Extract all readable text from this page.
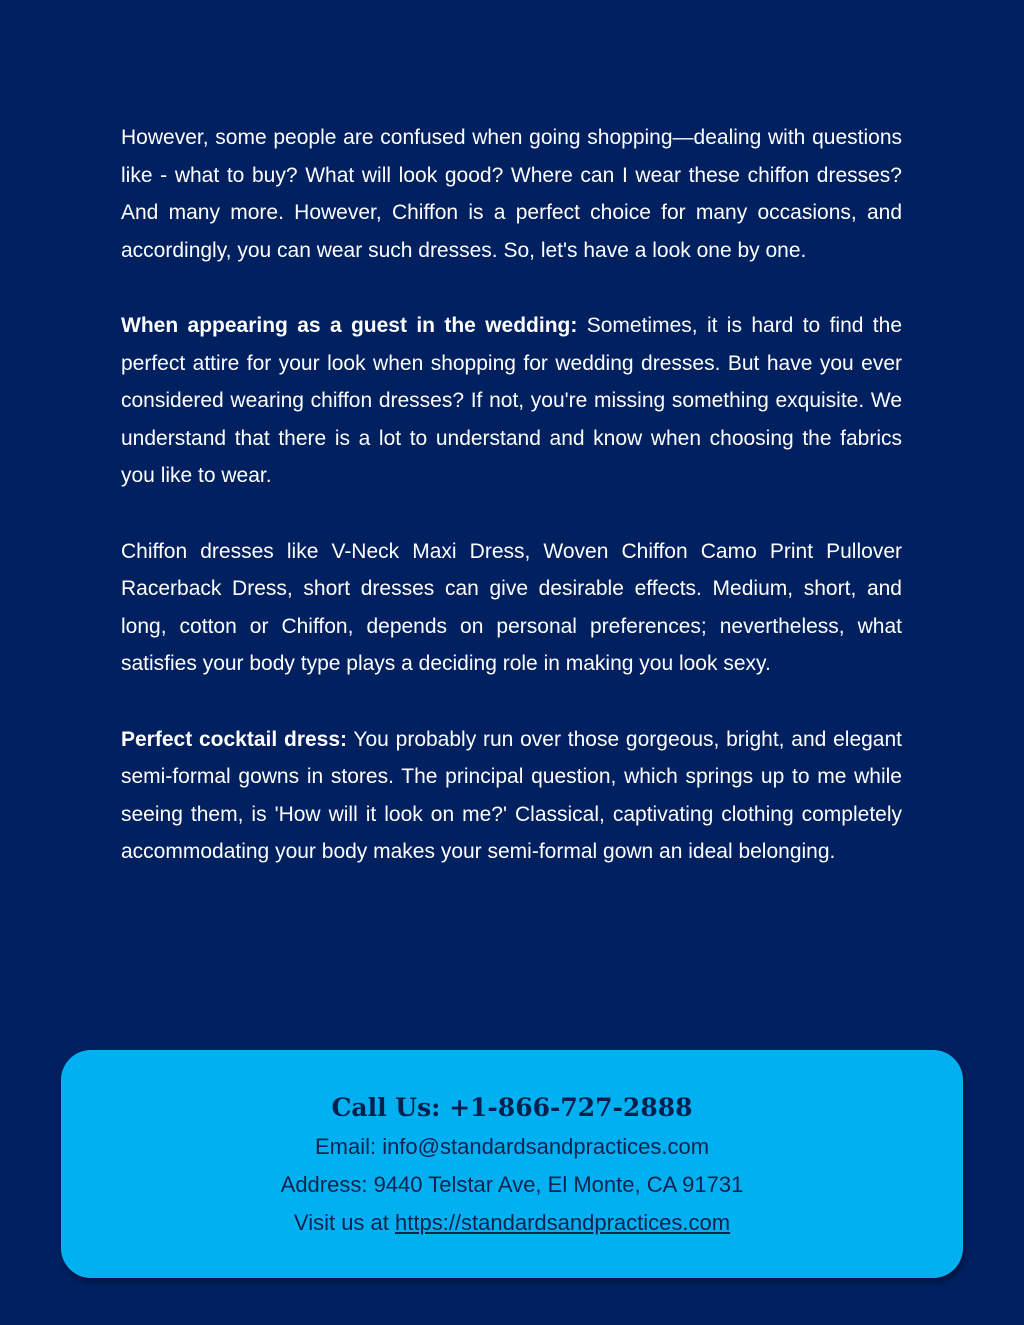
However, some people are confused when going shopping—dealing with questions like - what to buy? What will look good? Where can I wear these chiffon dresses? And many more. However, Chiffon is a perfect choice for many occasions, and accordingly, you can wear such dresses. So, let's have a look one by one.

When appearing as a guest in the wedding: Sometimes, it is hard to find the perfect attire for your look when shopping for wedding dresses. But have you ever considered wearing chiffon dresses? If not, you're missing something exquisite. We understand that there is a lot to understand and know when choosing the fabrics you like to wear.

Chiffon dresses like V-Neck Maxi Dress, Woven Chiffon Camo Print Pullover Racerback Dress, short dresses can give desirable effects. Medium, short, and long, cotton or Chiffon, depends on personal preferences; nevertheless, what satisfies your body type plays a deciding role in making you look sexy.

Perfect cocktail dress: You probably run over those gorgeous, bright, and elegant semi-formal gowns in stores. The principal question, which springs up to me while seeing them, is 'How will it look on me?' Classical, captivating clothing completely accommodating your body makes your semi-formal gown an ideal belonging.

Call Us: +1-866-727-2888
Email: info@standardsandpractices.com
Address: 9440 Telstar Ave, El Monte, CA 91731
Visit us at https://standardsandpractices.com
